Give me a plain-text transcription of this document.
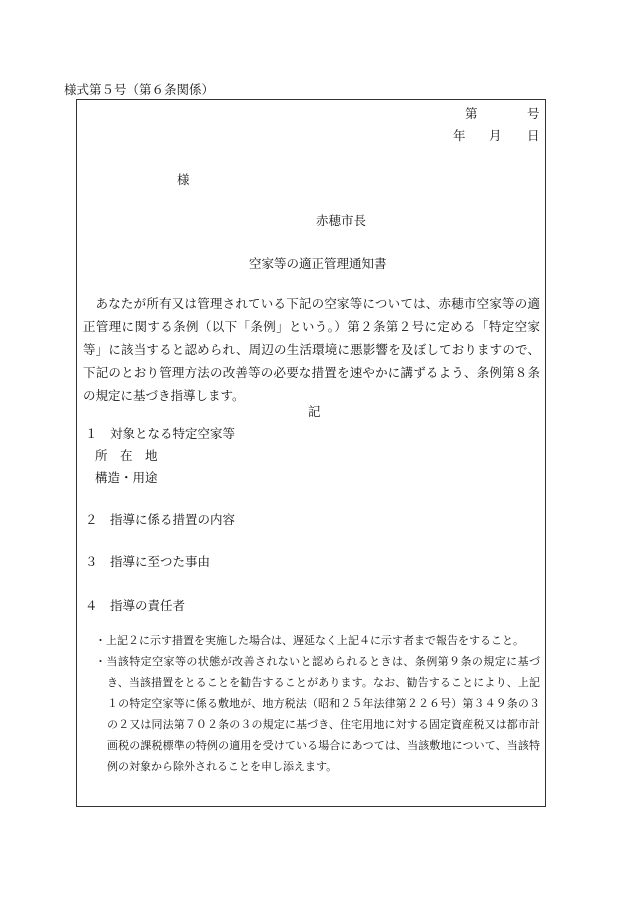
様式第５号（第６条関係）
第	号
年 月 日
様
赤穂市長
空家等の適正管理通知書
あなたが所有又は管理されている下記の空家等については、赤穂市空家等の適正管理に関する条例（以下「条例」という。）第２条第２号に定める「特定空家等」に該当すると認められ、周辺の生活環境に悪影響を及ぼしておりますので、下記のとおり管理方法の改善等の必要な措置を速やかに講ずるよう、条例第８条の規定に基づき指導します。
記
１　対象となる特定空家等
所　在　地
構造・用途
２　指導に係る措置の内容
３　指導に至つた事由
４　指導の責任者
・上記２に示す措置を実施した場合は、遅延なく上記４に示す者まで報告をすること。
・当該特定空家等の状態が改善されないと認められるときは、条例第９条の規定に基づき、当該措置をとることを勧告することがあります。なお、勧告することにより、上記１の特定空家等に係る敷地が、地方税法（昭和２５年法律第２２６号）第３４９条の３の２又は同法第７０２条の３の規定に基づき、住宅用地に対する固定資産税又は都市計画税の課税標準の特例の適用を受けている場合にあつては、当該敷地について、当該特例の対象から除外されることを申し添えます。
